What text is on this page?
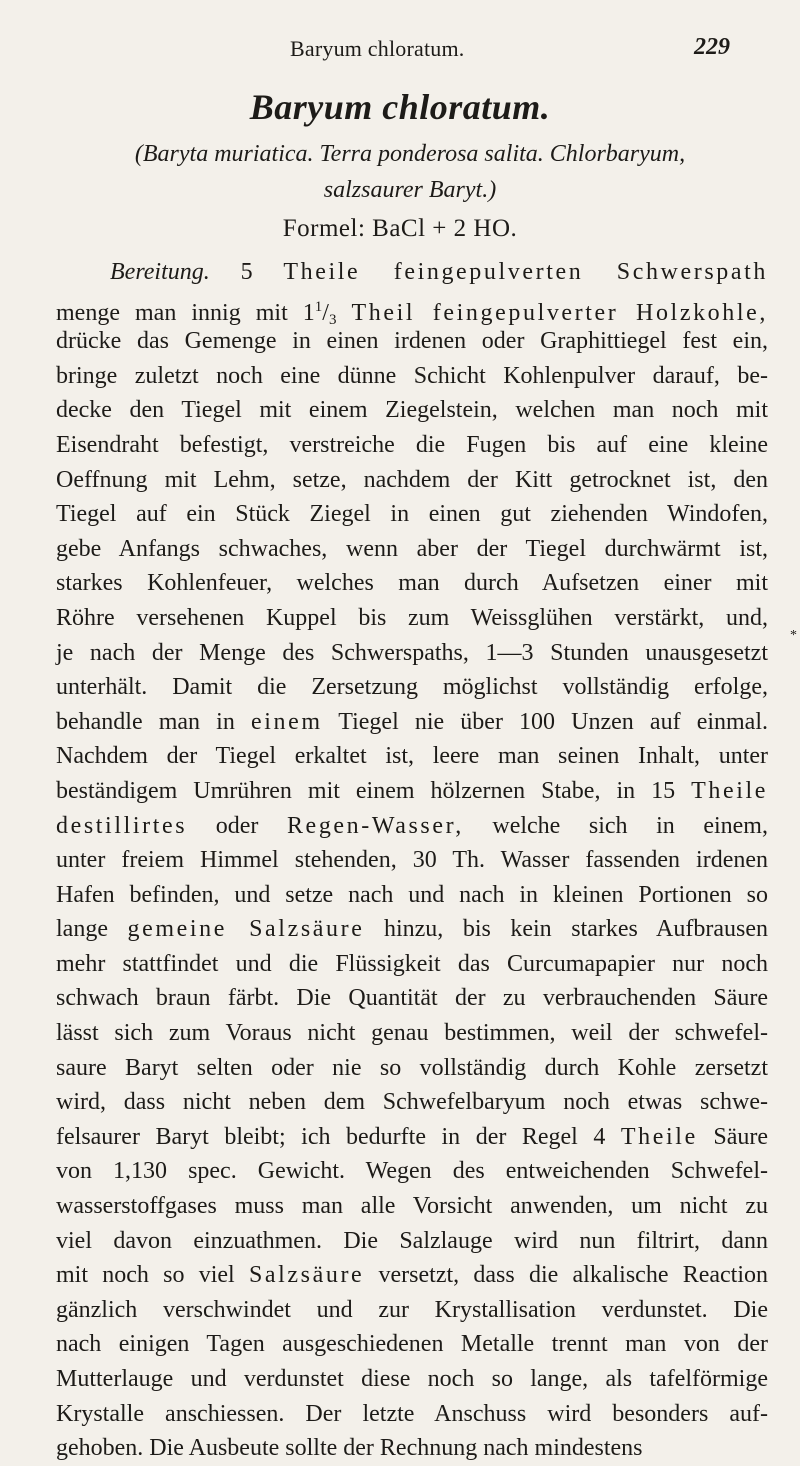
Baryum chloratum.	229
Baryum chloratum.
(Baryta muriatica. Terra ponderosa salita. Chlorbaryum,
salzsaurer Baryt.)
Formel: BaCl + 2 HO.
Bereitung. 5 Theile feingepulverten Schwerspath
menge man innig mit $1^1/_3$ Theil feingepulverter Holzkohle,
drücke das Gemenge in einen irdenen oder Graphittiegel fest ein,
bringe zuletzt noch eine dünne Schicht Kohlenpulver darauf, be-
decke den Tiegel mit einem Ziegelstein, welchen man noch mit
Eisendraht befestigt, verstreiche die Fugen bis auf eine kleine
Oeffnung mit Lehm, setze, nachdem der Kitt getrocknet ist, den
Tiegel auf ein Stück Ziegel in einen gut ziehenden Windofen,
gebe Anfangs schwaches, wenn aber der Tiegel durchwärmt ist,
starkes Kohlenfeuer, welches man durch Aufsetzen einer mit
Röhre versehenen Kuppel bis zum Weissglühen verstärkt, und,
je nach der Menge des Schwerspaths, 1—3 Stunden unausgesetzt
unterhält. Damit die Zersetzung möglichst vollständig erfolge,
behandle man in einem Tiegel nie über 100 Unzen auf einmal.
Nachdem der Tiegel erkaltet ist, leere man seinen Inhalt, unter
beständigem Umrühren mit einem hölzernen Stabe, in 15 Theile
destillirtes oder Regen-Wasser, welche sich in einem,
unter freiem Himmel stehenden, 30 Th. Wasser fassenden irdenen
Hafen befinden, und setze nach und nach in kleinen Portionen so
lange gemeine Salzsäure hinzu, bis kein starkes Aufbrausen
mehr stattfindet und die Flüssigkeit das Curcumapapier nur noch
schwach braun färbt. Die Quantität der zu verbrauchenden Säure
lässt sich zum Voraus nicht genau bestimmen, weil der schwefel-
saure Baryt selten oder nie so vollständig durch Kohle zersetzt
wird, dass nicht neben dem Schwefelbaryum noch etwas schwe-
felsaurer Baryt bleibt; ich bedurfte in der Regel 4 Theile Säure
von 1,130 spec. Gewicht. Wegen des entweichenden Schwefel-
wasserstoffgases muss man alle Vorsicht anwenden, um nicht zu
viel davon einzuathmen. Die Salzlauge wird nun filtrirt, dann
mit noch so viel Salzsäure versetzt, dass die alkalische Reaction
gänzlich verschwindet und zur Krystallisation verdunstet. Die
nach einigen Tagen ausgeschiedenen Metalle trennt man von der
Mutterlauge und verdunstet diese noch so lange, als tafelförmige
Krystalle anschiessen. Der letzte Anschuss wird besonders auf-
gehoben. Die Ausbeute sollte der Rechnung nach mindestens
*
